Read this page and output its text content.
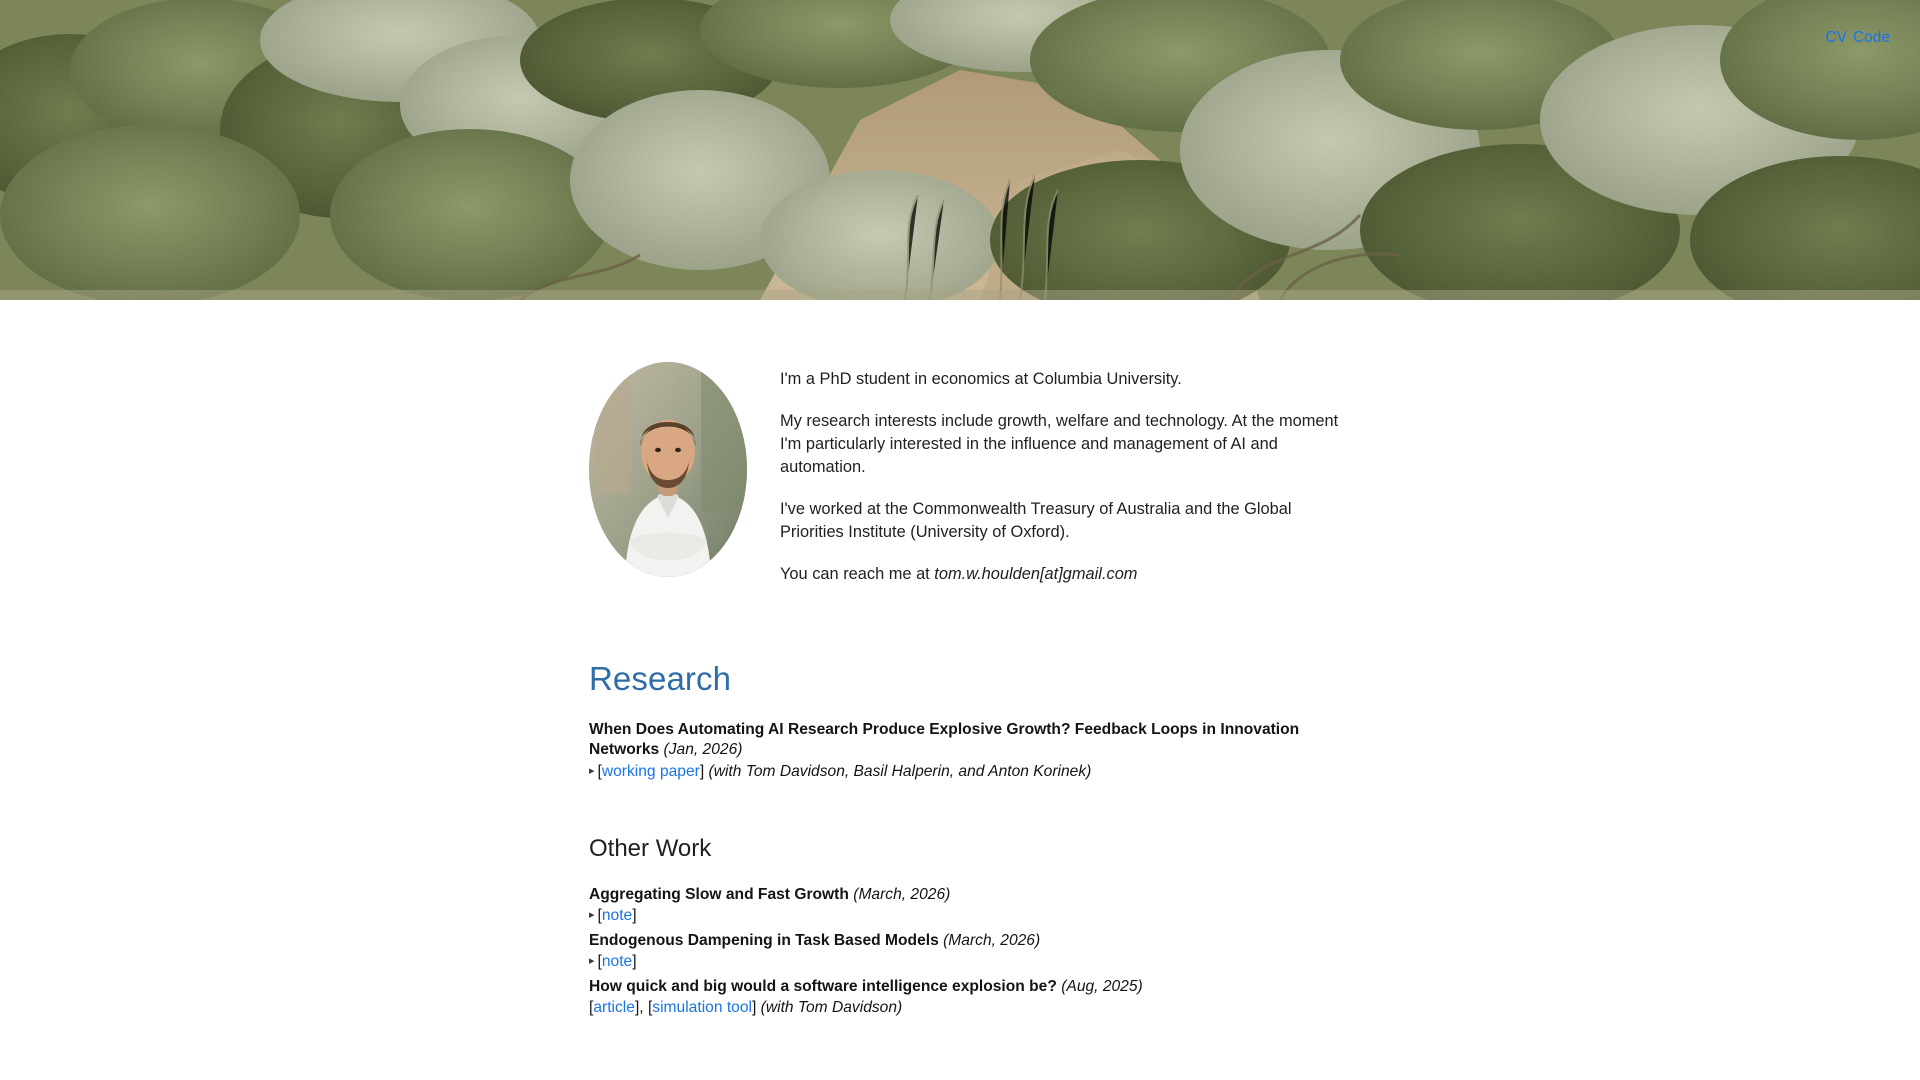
CV Code

I'm a PhD student in economics at Columbia University.

My research interests include growth, welfare and technology. At the moment I'm particularly interested in the influence and management of AI and automation.

I've worked at the Commonwealth Treasury of Australia and the Global Priorities Institute (University of Oxford).

You can reach me at tom.w.houlden[at]gmail.com

Research
When Does Automating AI Research Produce Explosive Growth? Feedback Loops in Innovation Networks (Jan, 2026)
▸ [working paper] (with Tom Davidson, Basil Halperin, and Anton Korinek)
Other Work
Aggregating Slow and Fast Growth (March, 2026)
▸ [note]
Endogenous Dampening in Task Based Models (March, 2026)
▸ [note]
How quick and big would a software intelligence explosion be? (Aug, 2025)
[article], [simulation tool] (with Tom Davidson)
